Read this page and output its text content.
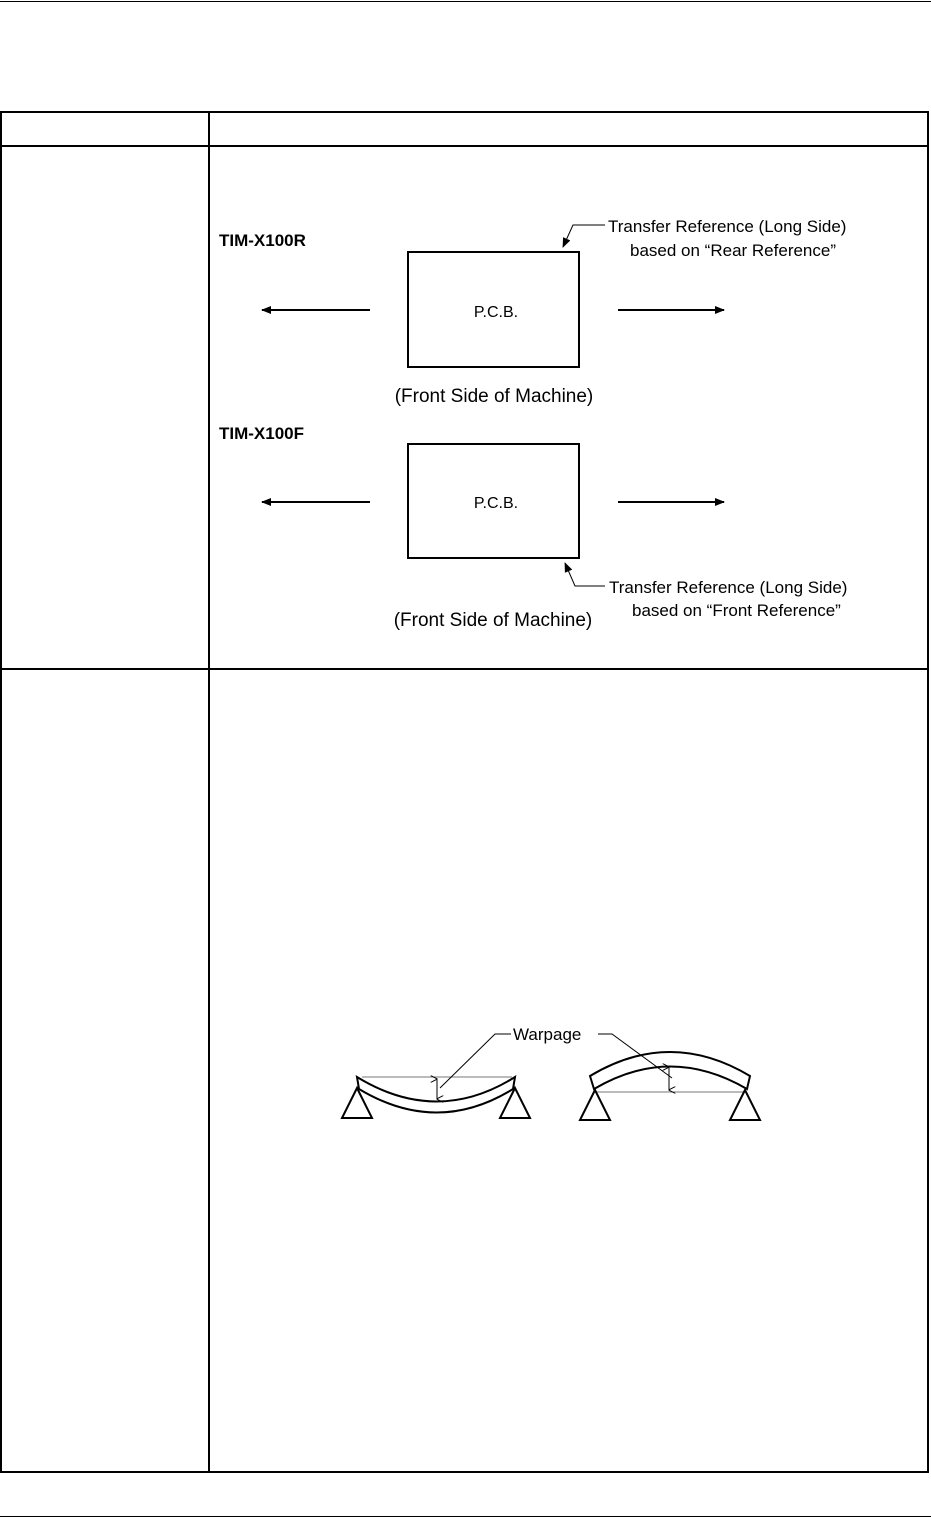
TIM-X100R
P.C.B.
Transfer Reference (Long Side)
based on “Rear Reference”
(Front Side of Machine)
TIM-X100F
P.C.B.
Transfer Reference (Long Side)
based on “Front Reference”
(Front Side of Machine)
Warpage
